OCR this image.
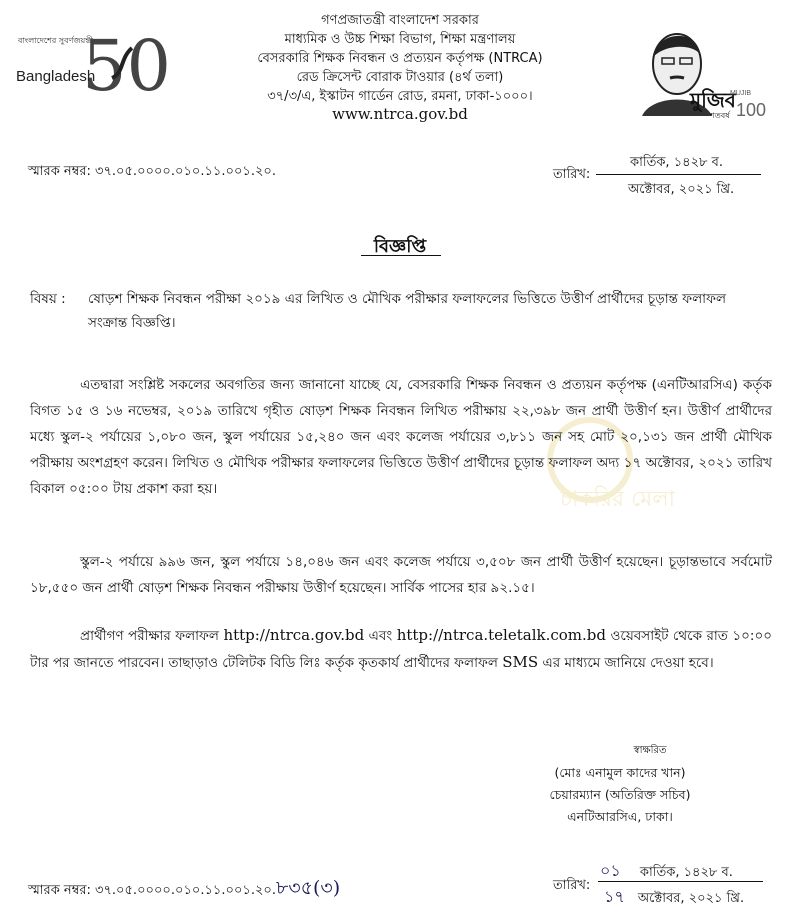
50
বাংলাদেশের সুবর্ণজয়ন্তী
Bangladesh
গণপ্রজাতন্ত্রী বাংলাদেশ সরকার
মাধ্যমিক ও উচ্চ শিক্ষা বিভাগ, শিক্ষা মন্ত্রণালয়
বেসরকারি শিক্ষক নিবন্ধন ও প্রত্যয়ন কর্তৃপক্ষ (NTRCA)
রেড ক্রিসেন্ট বোরাক টাওয়ার (৪র্থ তলা)
৩৭/৩/এ, ইস্কাটন গার্ডেন রোড, রমনা, ঢাকা-১০০০।
www.ntrca.gov.bd
মুজিব
শতবর্ষ
MUJIB
100
স্মারক নম্বর: ৩৭.০৫.০০০০.০১০.১১.০০১.২০.	তারিখ:
কার্তিক, ১৪২৮ ব.
অক্টোবর, ২০২১ খ্রি.
বিজ্ঞপ্তি
বিষয় : ষোড়শ শিক্ষক নিবন্ধন পরীক্ষা ২০১৯ এর লিখিত ও মৌখিক পরীক্ষার ফলাফলের ভিত্তিতে উত্তীর্ণ প্রার্থীদের চূড়ান্ত ফলাফল সংক্রান্ত বিজ্ঞপ্তি।
চাকরির মেলা
এতদ্বারা সংশ্লিষ্ট সকলের অবগতির জন্য জানানো যাচ্ছে যে, বেসরকারি শিক্ষক নিবন্ধন ও প্রত্যয়ন কর্তৃপক্ষ (এনটিআরসিএ) কর্তৃক বিগত ১৫ ও ১৬ নভেম্বর, ২০১৯ তারিখে গৃহীত ষোড়শ শিক্ষক নিবন্ধন লিখিত পরীক্ষায় ২২,৩৯৮ জন প্রার্থী উত্তীর্ণ হন। উত্তীর্ণ প্রার্থীদের মধ্যে স্কুল-২ পর্যায়ের ১,০৮০ জন, স্কুল পর্যায়ের ১৫,২৪০ জন এবং কলেজ পর্যায়ের ৩,৮১১ জন সহ মোট ২০,১৩১ জন প্রার্থী মৌখিক পরীক্ষায় অংশগ্রহণ করেন। লিখিত ও মৌখিক পরীক্ষার ফলাফলের ভিত্তিতে উত্তীর্ণ প্রার্থীদের চূড়ান্ত ফলাফল অদ্য ১৭ অক্টোবর, ২০২১ তারিখ বিকাল ০৫:০০ টায় প্রকাশ করা হয়।
স্কুল-২ পর্যায়ে ৯৯৬ জন, স্কুল পর্যায়ে ১৪,০৪৬ জন এবং কলেজ পর্যায়ে ৩,৫০৮ জন প্রার্থী উত্তীর্ণ হয়েছেন। চূড়ান্তভাবে সর্বমোট ১৮,৫৫০ জন প্রার্থী ষোড়শ শিক্ষক নিবন্ধন পরীক্ষায় উত্তীর্ণ হয়েছেন। সার্বিক পাসের হার ৯২.১৫।
প্রার্থীগণ পরীক্ষার ফলাফল http://ntrca.gov.bd এবং http://ntrca.teletalk.com.bd ওয়েবসাইট থেকে রাত ১০:০০ টার পর জানতে পারবেন। তাছাড়াও টেলিটক বিডি লিঃ কর্তৃক কৃতকার্য প্রার্থীদের ফলাফল SMS এর মাধ্যমে জানিয়ে দেওয়া হবে।
স্বাক্ষরিত
(মোঃ এনামুল কাদের খান)
চেয়ারম্যান (অতিরিক্ত সচিব)
এনটিআরসিএ, ঢাকা।
স্মারক নম্বর: ৩৭.০৫.০০০০.০১০.১১.০০১.২০.৮৩৫(৩)	তারিখ:
০১ কার্তিক, ১৪২৮ ব.
১৭ অক্টোবর, ২০২১ খ্রি.
